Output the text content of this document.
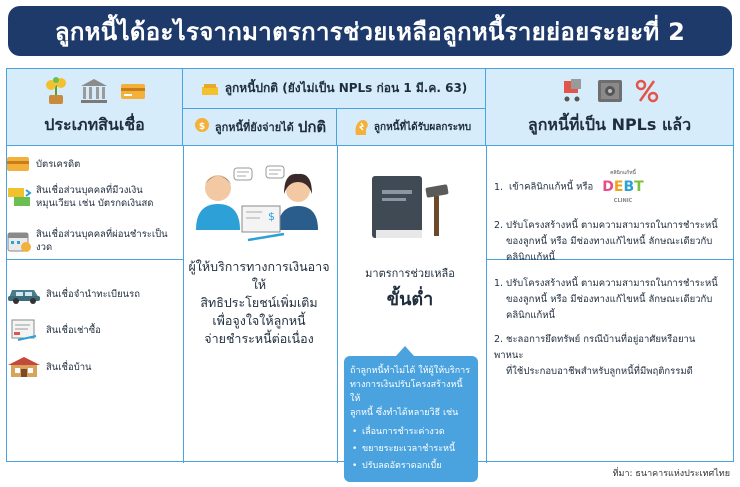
ลูกหนี้ได้อะไรจากมาตรการช่วยเหลือลูกหนี้รายย่อยระยะที่ 2
ประเภทสินเชื่อ
ลูกหนี้ปกติ (ยังไม่เป็น NPLs ก่อน 1 มี.ค. 63)
$ ลูกหนี้ที่ยังจ่ายได้ ปกติ	ลูกหนี้ที่ได้รับผลกระทบ	ลูกหนี้ที่เป็น NPLs แล้ว
บัตรเครดิต
สินเชื่อส่วนบุคคลที่มีวงเงินหมุนเวียน เช่น บัตรกดเงินสด
สินเชื่อส่วนบุคคลที่ผ่อนชำระเป็นงวด
สินเชื่อจำนำทะเบียนรถ
สินเชื่อเช่าซื้อ
สินเชื่อบ้าน
$
ผู้ให้บริการทางการเงินอาจให้
สิทธิประโยชน์เพิ่มเติม
เพื่อจูงใจให้ลูกหนี้
จ่ายชำระหนี้ต่อเนื่อง
มาตรการช่วยเหลือ
ขั้นต่ำ
ถ้าลูกหนี้ทำไม่ได้ ให้ผู้ให้บริการ
ทางการเงินปรับโครงสร้างหนี้ให้
ลูกหนี้ ซึ่งทำได้หลายวิธี เช่น
• เลื่อนการชำระค่างวด
• ขยายระยะเวลาชำระหนี้
• ปรับลดอัตราดอกเบี้ย
1. เข้าคลินิกแก้หนี้ หรือ
คลินิกแก้หนี้
DEBT
CLINIC
2. ปรับโครงสร้างหนี้ ตามความสามารถในการชำระหนี้
ของลูกหนี้ หรือ มีช่องทางแก้ไขหนี้ ลักษณะเดียวกับ
คลินิกแก้หนี้
1. ปรับโครงสร้างหนี้ ตามความสามารถในการชำระหนี้
ของลูกหนี้ หรือ มีช่องทางแก้ไขหนี้ ลักษณะเดียวกับ
คลินิกแก้หนี้
2. ชะลอการยึดทรัพย์ กรณีบ้านที่อยู่อาศัยหรือยานพาหนะ
ที่ใช้ประกอบอาชีพสำหรับลูกหนี้ที่มีพฤติกรรมดี
ที่มา: ธนาคารแห่งประเทศไทย
